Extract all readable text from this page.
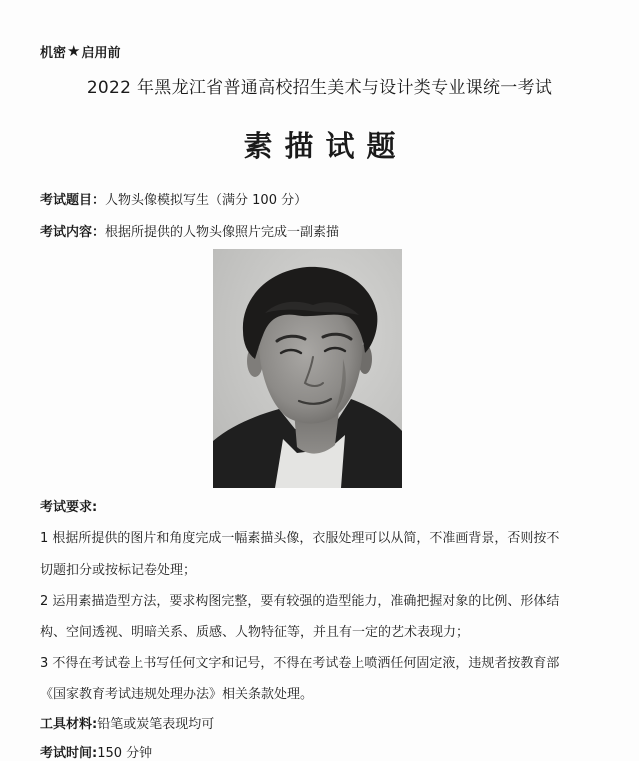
机密 ★ 启用前
2022 年黑龙江省普通高校招生美术与设计类专业课统一考试
素描试题
考试题目：人物头像模拟写生（满分 100 分）
考试内容：根据所提供的人物头像照片完成一副素描
考试要求:
1 根据所提供的图片和角度完成一幅素描头像，衣服处理可以从简，不准画背景，否则按不
切题扣分或按标记卷处理；
2 运用素描造型方法，要求构图完整，要有较强的造型能力，准确把握对象的比例、形体结
构、空间透视、明暗关系、质感、人物特征等，并且有一定的艺术表现力；
3 不得在考试卷上书写任何文字和记号，不得在考试卷上喷洒任何固定液，违规者按教育部
《国家教育考试违规处理办法》相关条款处理。
工具材料:铅笔或炭笔表现均可
考试时间:150 分钟
